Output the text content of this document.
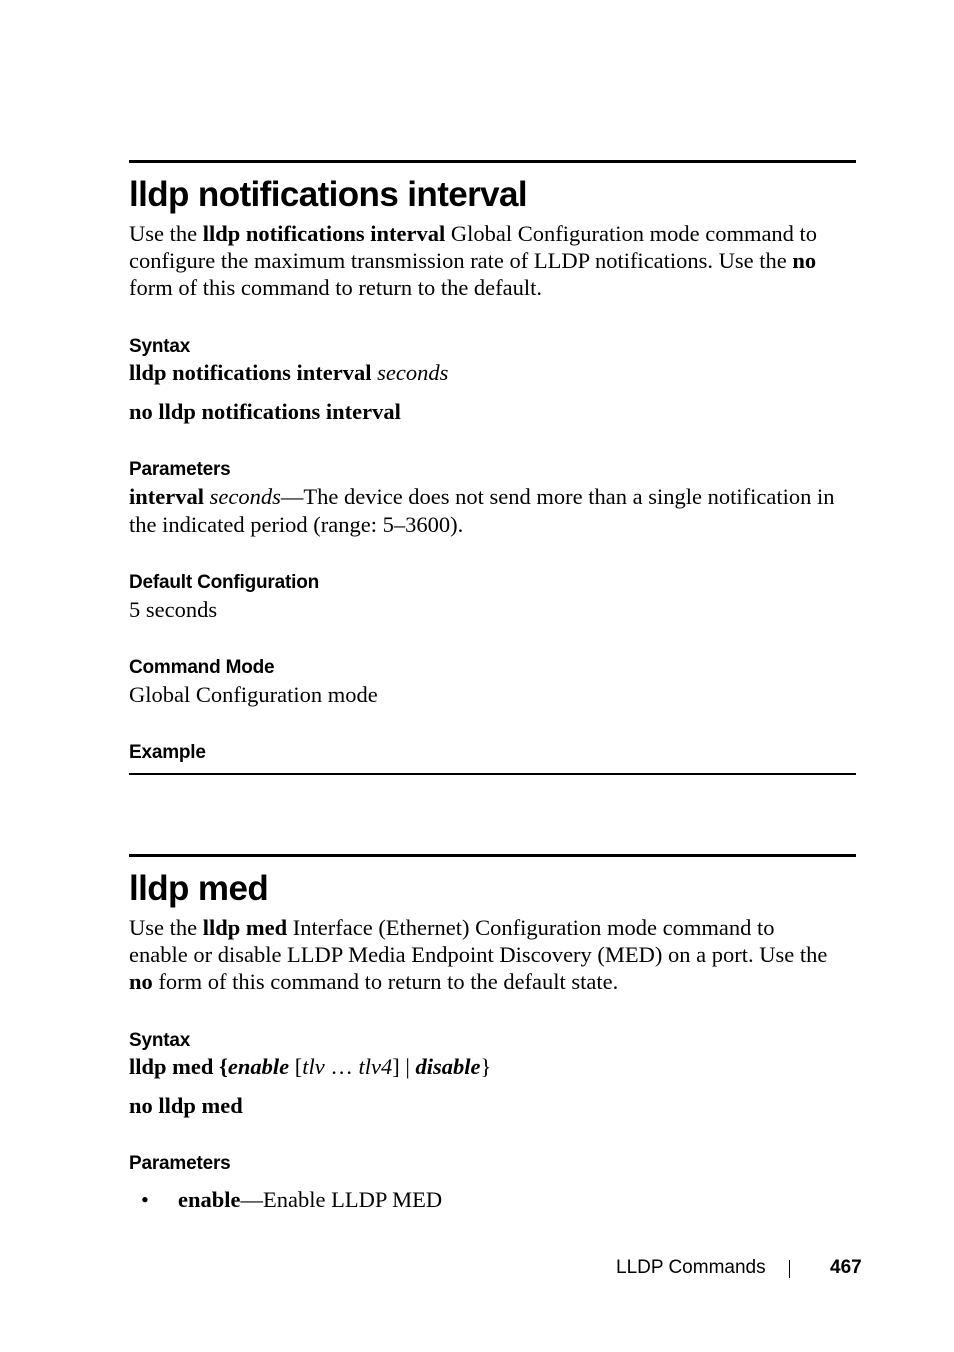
lldp notifications interval

Use the lldp notifications interval Global Configuration mode command to

configure the maximum transmission rate of LLDP notifications. Use the no

form of this command to return to the default.

Syntax

lldp notifications interval seconds

no lldp notifications interval

Parameters

interval seconds—The device does not send more than a single notification in

the indicated period (range: 5–3600).

Default Configuration

5 seconds

Command Mode

Global Configuration mode

Example
lldp med

Use the lldp med Interface (Ethernet) Configuration mode command to

enable or disable LLDP Media Endpoint Discovery (MED) on a port. Use the

no form of this command to return to the default state.

Syntax

lldp med {enable [tlv … tlv4] | disable}

no lldp med

Parameters
• enable—Enable LLDP MED

LLDP Commands	467
